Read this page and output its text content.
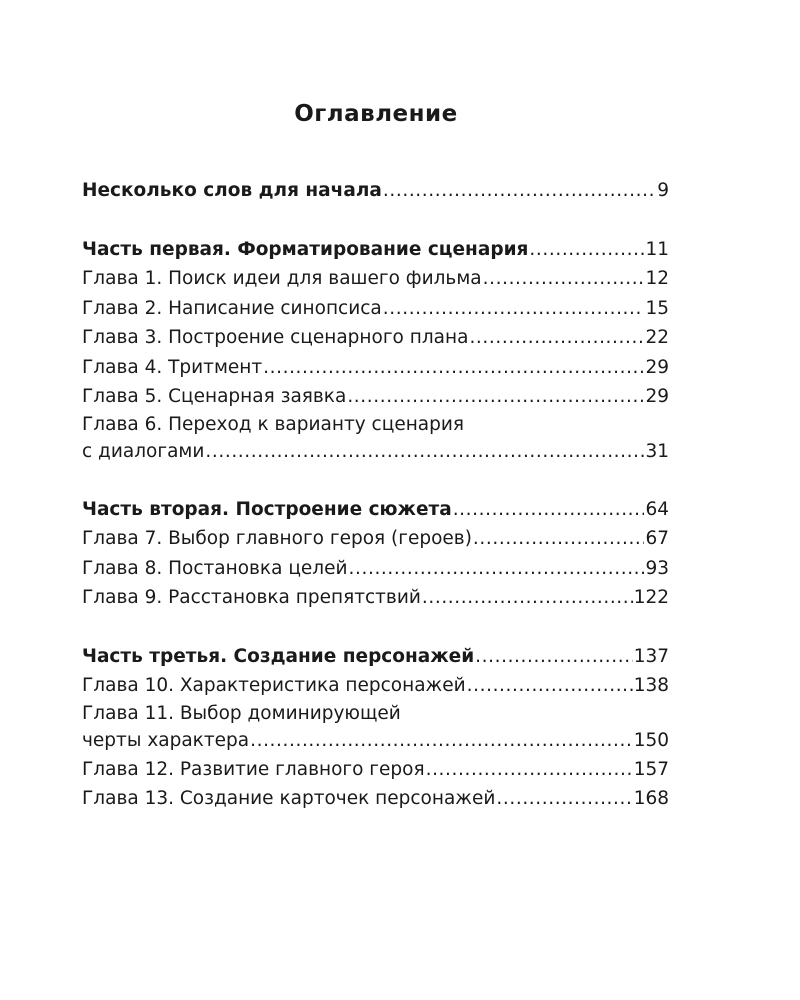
Оглавление
Несколько слов для начала .....	9
Часть первая. Форматирование сценария .....	11
Глава 1. Поиск идеи для вашего фильма .....	12
Глава 2. Написание синопсиса .....	15
Глава 3. Построение сценарного плана .....	22
Глава 4. Тритмент .....	29
Глава 5. Сценарная заявка .....	29
Глава 6. Переход к варианту сценария
с диалогами .....	31
Часть вторая. Построение сюжета .....	64
Глава 7. Выбор главного героя (героев) .....	67
Глава 8. Постановка целей .....	93
Глава 9. Расстановка препятствий .....	122
Часть третья. Создание персонажей .....	137
Глава 10. Характеристика персонажей .....	138
Глава 11. Выбор доминирующей
черты характера .....	150
Глава 12. Развитие главного героя .....	157
Глава 13. Создание карточек персонажей .....	168
